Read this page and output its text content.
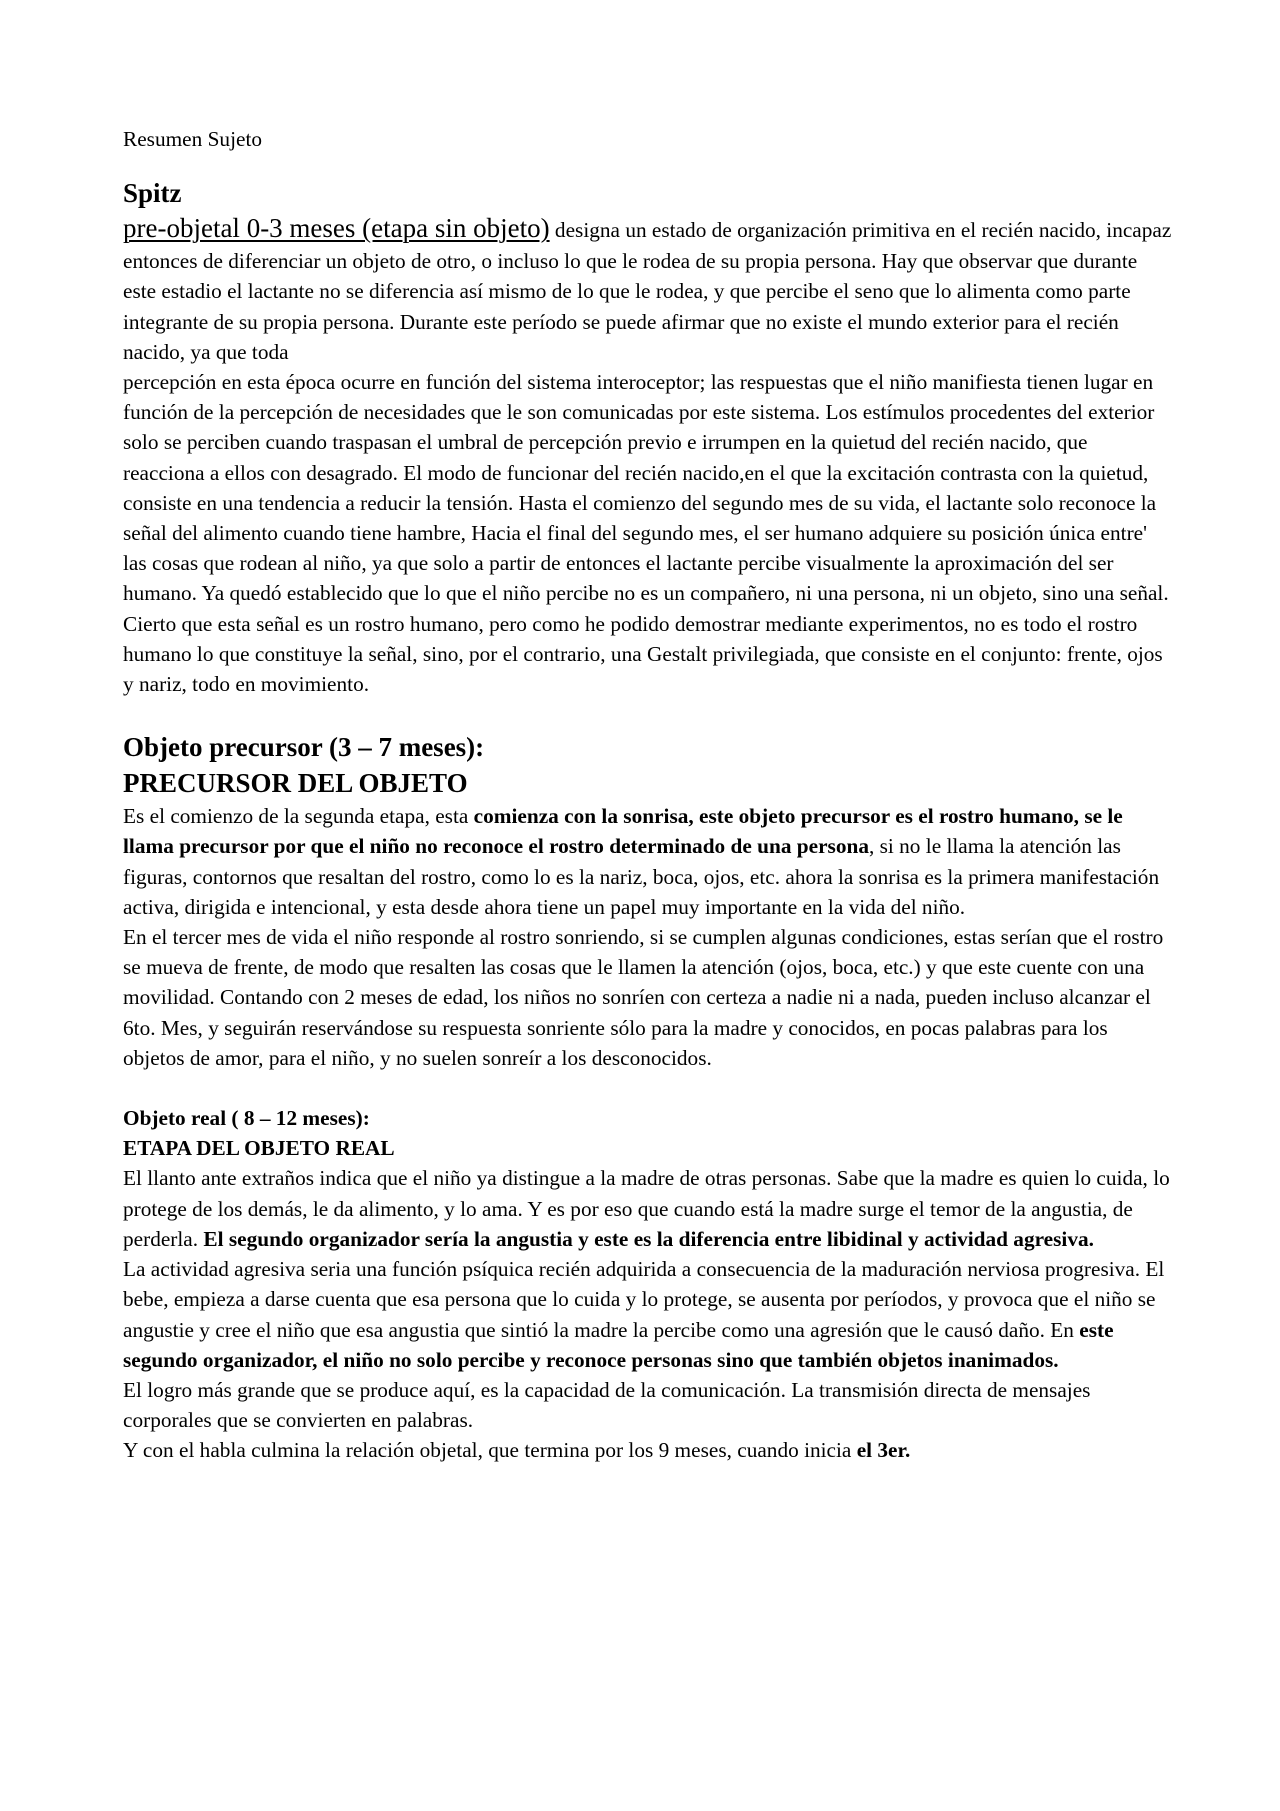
Resumen Sujeto

Spitz

pre-objetal 0-3 meses (etapa sin objeto) designa un estado de organización primitiva en el recién nacido, incapaz entonces de diferenciar un objeto de otro, o incluso lo que le rodea de su propia persona. Hay que observar que durante este estadio el lactante no se diferencia así mismo de lo que le rodea, y que percibe el seno que lo alimenta como parte integrante de su propia persona. Durante este período se puede afirmar que no existe el mundo exterior para el recién nacido, ya que toda
percepción en esta época ocurre en función del sistema interoceptor; las respuestas que el niño manifiesta tienen lugar en función de la percepción de necesidades que le son comunicadas por este sistema. Los estímulos procedentes del exterior solo se perciben cuando traspasan el umbral de percepción previo e irrumpen en la quietud del recién nacido, que reacciona a ellos con desagrado. El modo de funcionar del recién nacido,en el que la excitación contrasta con la quietud, consiste en una tendencia a reducir la tensión. Hasta el comienzo del segundo mes de su vida, el lactante solo reconoce la señal del alimento cuando tiene hambre, Hacia el final del segundo mes, el ser humano adquiere su posición única entre' las cosas que rodean al niño, ya que solo a partir de entonces el lactante percibe visualmente la aproximación del ser humano. Ya quedó establecido que lo que el niño percibe no es un compañero, ni una persona, ni un objeto, sino una señal. Cierto que esta señal es un rostro humano, pero como he podido demostrar mediante experimentos, no es todo el rostro humano lo que constituye la señal, sino, por el contrario, una Gestalt privilegiada, que consiste en el conjunto: frente, ojos y nariz, todo en movimiento.

Objeto precursor (3 – 7 meses):
PRECURSOR DEL OBJETO

Es el comienzo de la segunda etapa, esta comienza con la sonrisa, este objeto precursor es el rostro humano, se le llama precursor por que el niño no reconoce el rostro determinado de una persona, si no le llama la atención las figuras, contornos que resaltan del rostro, como lo es la nariz, boca, ojos, etc. ahora la sonrisa es la primera manifestación activa, dirigida e intencional, y esta desde ahora tiene un papel muy importante en la vida del niño.

En el tercer mes de vida el niño responde al rostro sonriendo, si se cumplen algunas condiciones, estas serían que el rostro se mueva de frente, de modo que resalten las cosas que le llamen la atención (ojos, boca, etc.) y que este cuente con una movilidad. Contando con 2 meses de edad, los niños no sonríen con certeza a nadie ni a nada, pueden incluso alcanzar el 6to. Mes, y seguirán reservándose su respuesta sonriente sólo para la madre y conocidos, en pocas palabras para los objetos de amor, para el niño, y no suelen sonreír a los desconocidos.

Objeto real ( 8 – 12 meses):
ETAPA DEL OBJETO REAL

El llanto ante extraños indica que el niño ya distingue a la madre de otras personas. Sabe que la madre es quien lo cuida, lo protege de los demás, le da alimento, y lo ama. Y es por eso que cuando está la madre surge el temor de la angustia, de perderla. El segundo organizador sería la angustia y este es la diferencia entre libidinal y actividad agresiva.

La actividad agresiva seria una función psíquica recién adquirida a consecuencia de la maduración nerviosa progresiva. El bebe, empieza a darse cuenta que esa persona que lo cuida y lo protege, se ausenta por períodos, y provoca que el niño se angustie y cree el niño que esa angustia que sintió la madre la percibe como una agresión que le causó daño. En este segundo organizador, el niño no solo percibe y reconoce personas sino que también objetos inanimados.

El logro más grande que se produce aquí, es la capacidad de la comunicación. La transmisión directa de mensajes corporales que se convierten en palabras.

Y con el habla culmina la relación objetal, que termina por los 9 meses, cuando inicia el 3er.
